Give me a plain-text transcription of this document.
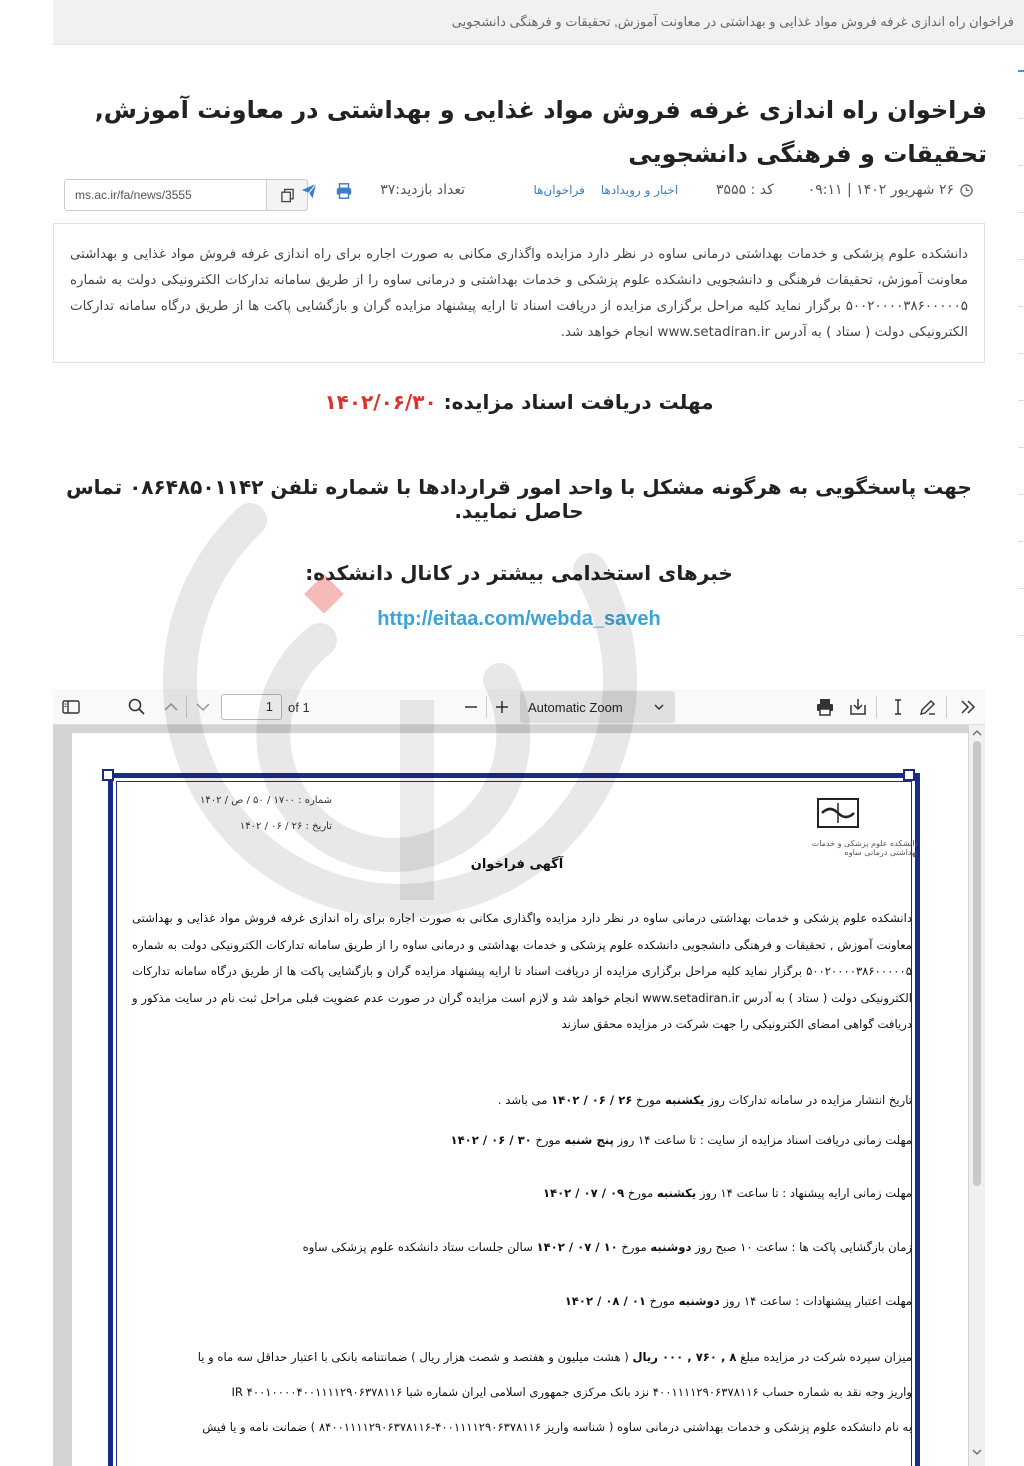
فراخوان راه اندازی غرفه فروش مواد غذایی و بهداشتی در معاونت آموزش, تحقیقات و فرهنگی دانشجویی
فراخوان راه اندازی غرفه فروش مواد غذایی و بهداشتی در معاونت آموزش, تحقیقات و فرهنگی دانشجویی
ms.ac.ir/fa/news/3555	تعداد بازدید:۳۷	۲۶ شهریور ۱۴۰۲ | ۰۹:۱۱
کد : ۳۵۵۵
اخبار و رویدادها
فراخوان‌ها
دانشکده علوم پزشکی و خدمات بهداشتی درمانی ساوه در نظر دارد مزایده واگذاری مکانی به صورت اجاره برای راه اندازی غرفه فروش مواد غذایی و بهداشتی معاونت آموزش، تحقیقات فرهنگی و دانشجویی دانشکده علوم پزشکی و خدمات بهداشتی و درمانی ساوه را از طریق سامانه تدارکات الکترونیکی دولت به شماره ۵۰۰۲۰۰۰۰۳۸۶۰۰۰۰۰۵ برگزار نماید کلیه مراحل برگزاری مزایده از دریافت اسناد تا ارایه پیشنهاد مزایده گران و بازگشایی پاکت ها از طریق درگاه سامانه تدارکات الکترونیکی دولت ( ستاد ) به آدرس www.setadiran.ir انجام خواهد شد.
مهلت دریافت اسناد مزایده: ۱۴۰۲/۰۶/۳۰
جهت پاسخگویی به هرگونه مشکل با واحد امور قراردادها با شماره تلفن ۰۸۶۴۸۵۰۱۱۴۲ تماس حاصل نمایید.
خبرهای استخدامی بیشتر در کانال دانشکده:
http://eitaa.com/webda_saveh
1	of 1	Automatic Zoom
دانشکده علوم پزشکی و خدمات بهداشتی درمانی ساوه
شماره : ۱۷۰۰ / ۵۰ / ص / ۱۴۰۲
تاریخ : ۲۶ / ۰۶ / ۱۴۰۲
آگهی فراخوان
دانشکده علوم پزشکی و خدمات بهداشتی درمانی ساوه در نظر دارد مزایده واگذاری مکانی به صورت اجاره برای راه اندازی غرفه فروش مواد غذایی و بهداشتی معاونت آموزش , تحقیقات و فرهنگی دانشجویی دانشکده علوم پزشکی و خدمات بهداشتی و درمانی ساوه را از طریق سامانه تدارکات الکترونیکی دولت به شماره ۵۰۰۲۰۰۰۰۳۸۶۰۰۰۰۰۵ برگزار نماید کلیه مراحل برگزاری مزایده از دریافت اسناد تا ارایه پیشنهاد مزایده گران و بازگشایی پاکت ها از طریق درگاه سامانه تدارکات الکترونیکی دولت ( ستاد ) به آدرس www.setadiran.ir انجام خواهد شد و لازم است مزایده گران در صورت عدم عضویت قبلی مراحل ثبت نام در سایت مذکور و دریافت گواهی امضای الکترونیکی را جهت شرکت در مزایده محقق سازند
تاریخ انتشار مزایده در سامانه تدارکات روز یکشنبه مورخ ۲۶ / ۰۶ / ۱۴۰۲ می باشد .
مهلت زمانی دریافت اسناد مزایده از سایت : تا ساعت ۱۴ روز پنج شنبه مورخ ۳۰ / ۰۶ / ۱۴۰۲
مهلت زمانی ارایه پیشنهاد : تا ساعت ۱۴ روز یکشنبه مورخ ۰۹ / ۰۷ / ۱۴۰۲
زمان بازگشایی پاکت ها : ساعت ۱۰ صبح روز دوشنبه مورخ ۱۰ / ۰۷ / ۱۴۰۲ سالن جلسات ستاد دانشکده علوم پزشکی ساوه
مهلت اعتبار پیشنهادات : ساعت ۱۴ روز دوشنبه مورخ ۰۱ / ۰۸ / ۱۴۰۲
میزان سپرده شرکت در مزایده مبلغ ۸ , ۷۶۰ , ۰۰۰ ریال ( هشت میلیون و هفتصد و شصت هزار ریال ) ضمانتنامه بانکی با اعتبار حداقل سه ماه و یا
واریز وجه نقد به شماره حساب ۴۰۰۱۱۱۱۲۹۰۶۳۷۸۱۱۶ نزد بانک مرکزی جمهوری اسلامی ایران شماره شبا IR ۴۰۰۱۰۰۰۰۴۰۰۱۱۱۱۲۹۰۶۳۷۸۱۱۶
به نام دانشکده علوم پزشکی و خدمات بهداشتی درمانی ساوه ( شناسه واریز ۴۰۰۱۱۱۱۲۹۰۶۳۷۸۱۱۶-۸۴۰۰۱۱۱۱۲۹۰۶۳۷۸۱۱۶ ) ضمانت نامه و یا فیش
